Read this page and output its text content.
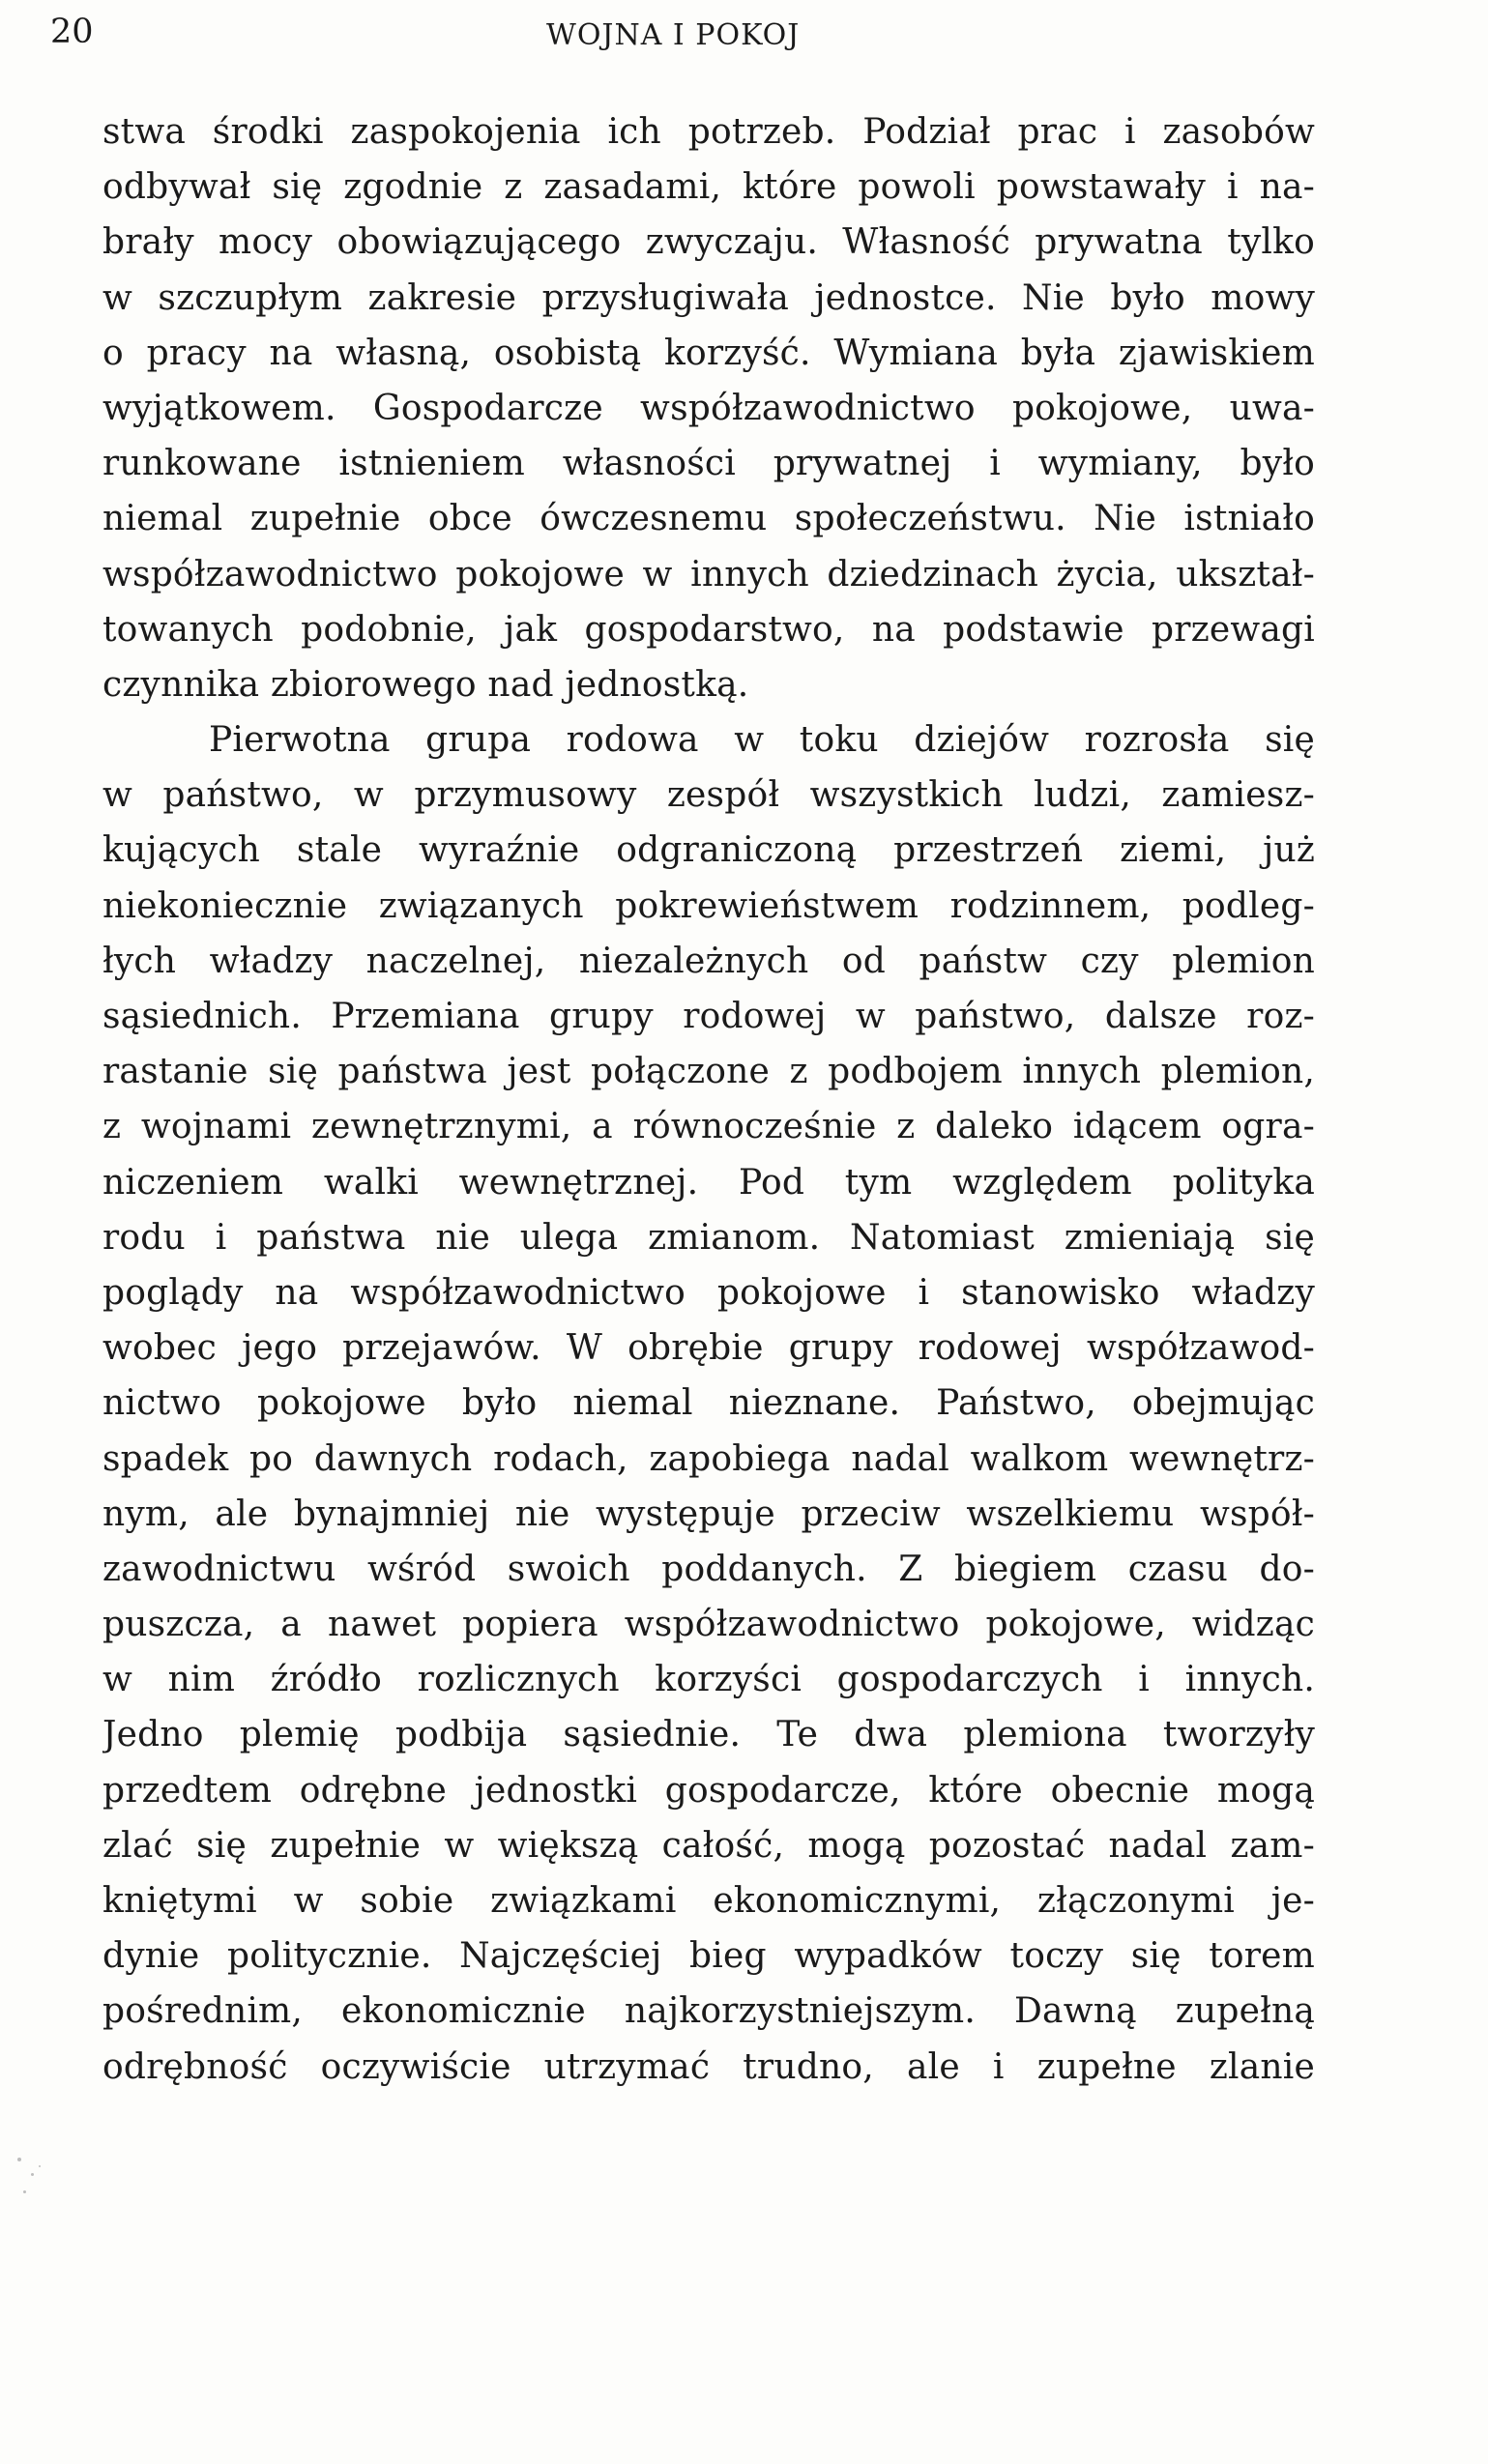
20	WOJNA I POKOJ
stwa środki zaspokojenia ich potrzeb. Podział prac i zasobów
odbywał się zgodnie z zasadami, które powoli powstawały i na-
brały mocy obowiązującego zwyczaju. Własność prywatna tylko
w szczupłym zakresie przysługiwała jednostce. Nie było mowy
o pracy na własną, osobistą korzyść. Wymiana była zjawiskiem
wyjątkowem. Gospodarcze współzawodnictwo pokojowe, uwa-
runkowane istnieniem własności prywatnej i wymiany, było
niemal zupełnie obce ówczesnemu społeczeństwu. Nie istniało
współzawodnictwo pokojowe w innych dziedzinach życia, ukształ-
towanych podobnie, jak gospodarstwo, na podstawie przewagi
czynnika zbiorowego nad jednostką.
Pierwotna grupa rodowa w toku dziejów rozrosła się
w państwo, w przymusowy zespół wszystkich ludzi, zamiesz-
kujących stale wyraźnie odgraniczoną przestrzeń ziemi, już
niekoniecznie związanych pokrewieństwem rodzinnem, podleg-
łych władzy naczelnej, niezależnych od państw czy plemion
sąsiednich. Przemiana grupy rodowej w państwo, dalsze roz-
rastanie się państwa jest połączone z podbojem innych plemion,
z wojnami zewnętrznymi, a równocześnie z daleko idącem ogra-
niczeniem walki wewnętrznej. Pod tym względem polityka
rodu i państwa nie ulega zmianom. Natomiast zmieniają się
poglądy na współzawodnictwo pokojowe i stanowisko władzy
wobec jego przejawów. W obrębie grupy rodowej współzawod-
nictwo pokojowe było niemal nieznane. Państwo, obejmując
spadek po dawnych rodach, zapobiega nadal walkom wewnętrz-
nym, ale bynajmniej nie występuje przeciw wszelkiemu współ-
zawodnictwu wśród swoich poddanych. Z biegiem czasu do-
puszcza, a nawet popiera współzawodnictwo pokojowe, widząc
w nim źródło rozlicznych korzyści gospodarczych i innych.
Jedno plemię podbija sąsiednie. Te dwa plemiona tworzyły
przedtem odrębne jednostki gospodarcze, które obecnie mogą
zlać się zupełnie w większą całość, mogą pozostać nadal zam-
kniętymi w sobie związkami ekonomicznymi, złączonymi je-
dynie politycznie. Najczęściej bieg wypadków toczy się torem
pośrednim, ekonomicznie najkorzystniejszym. Dawną zupełną
odrębność oczywiście utrzymać trudno, ale i zupełne zlanie
